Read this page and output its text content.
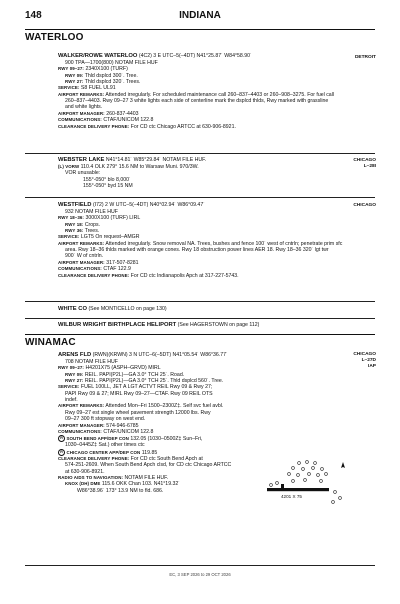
148	INDIANA
WATERLOO
DETROIT
WALKER/ROWE WATERLOO (4C2) 3 E UTC–5(–4DT) N41°25.87´ W84°58.90´
900 TPA—1700(800) NOTAM FILE HUF
RWY 09–27: 2340X100 (TURF)
RWY 09: Thld dsplcd 300´. Tree.
RWY 27: Thld dsplcd 320´. Trees.
SERVICE: S8 FUEL UL91
AIRPORT REMARKS: Attended irregularly. For scheduled maintenance call 260–837–4403 or 260–908–3275. For fuel call
260–837–4403. Rwy 09–27 3 white lights each side of centerline mark the dsplcd thlds, Rwy marked with grassline
and white lights.
AIRPORT MANAGER: 260-837-4403
COMMUNICATIONS: CTAF/UNICOM 122.8
CLEARANCE DELIVERY PHONE: For CD ctc Chicago ARTCC at 630-906-8921.
CHICAGO
L–28I
WEBSTER LAKE N41°14.81´ W85°29.84´ NOTAM FILE HUF.
(L) VORW 110.4 OLK 279° 15.6 NM to Warsaw Muni. 970/3W.
VOR unusable:
155°-050° blo 8,000´
155°-050° byd 15 NM
CHICAGO
WESTFIELD (I72) 2 W UTC–5(–4DT) N40°02.94´ W86°09.47´
932 NOTAM FILE HUF
RWY 18–36: 3000X100 (TURF) LIRL
RWY 18: Crops.
RWY 36: Trees.
SERVICE: LGT5 On request–AMGR
AIRPORT REMARKS: Attended irregularly. Snow removal NA. Trees, bushes and fence 100´ west of cntrln; penetrate prim sfc
area. Rwy 18–36 thlds marked with orange cones. Rwy 18 obstruction power lines AER 18. Rwy 18–36 320´ lgt twr
900´ W of cntrln.
AIRPORT MANAGER: 317-507-8281
COMMUNICATIONS: CTAF 122.9
CLEARANCE DELIVERY PHONE: For CD ctc Indianapolis Apch at 317-227-5743.
WHITE CO (See MONTICELLO on page 130)
WILBUR WRIGHT BIRTHPLACE HELIPORT (See HAGERSTOWN on page 112)
WINAMAC
CHICAGO
L–27D
IAP
ARENS FLD (RWN)(KRWN) 3 N UTC–6(–5DT) N41°05.54´ W86°36.77´
708 NOTAM FILE HUF
RWY 09–27: H4201X75 (ASPH–GRVD) MIRL
RWY 09: REIL. PAPI(P2L)—GA 3.0° TCH 25´. Road.
RWY 27: REIL. PAPI(P2L)—GA 3.0° TCH 25´. Thld dsplcd 560´. Tree.
SERVICE: FUEL 100LL, JET A LGT ACTVT REIL Rwy 09 & Rwy 27;
PAPI Rwy 09 & 27; MIRL Rwy 09–27—CTAF. Rwy 09 REIL OTS
indef.
AIRPORT REMARKS: Attended Mon–Fri 1500–2300Z‡. Self svc fuel avbl.
Rwy 09–27 est single wheel pavement strength 12000 lbs. Rwy
09–27 300 ft stopway on west end.
AIRPORT MANAGER: 574-946-6785
COMMUNICATIONS: CTAF/UNICOM 122.8
R SOUTH BEND APP/DEP CON 132.05 (1030–0500Z‡ Sun–Fri,
1030–0445Z‡ Sat.) other times ctc
R CHICAGO CENTER APP/DEP CON 119.85
CLEARANCE DELIVERY PHONE: For CD ctc South Bend Apch at
574-251-2609. When South Bend Apch clsd, for CD ctc Chicago ARTCC
at 630-906-8921.
RADIO AIDS TO NAVIGATION: NOTAM FILE HUF.
KNOX (DH) DME 115.6 OKK Chan 103. N41°19.32´
W86°38.96´ 173° 13.9 NM to fld. 686.
4201 X 75
EC, 3 SEP 2026 to 29 OCT 2026
